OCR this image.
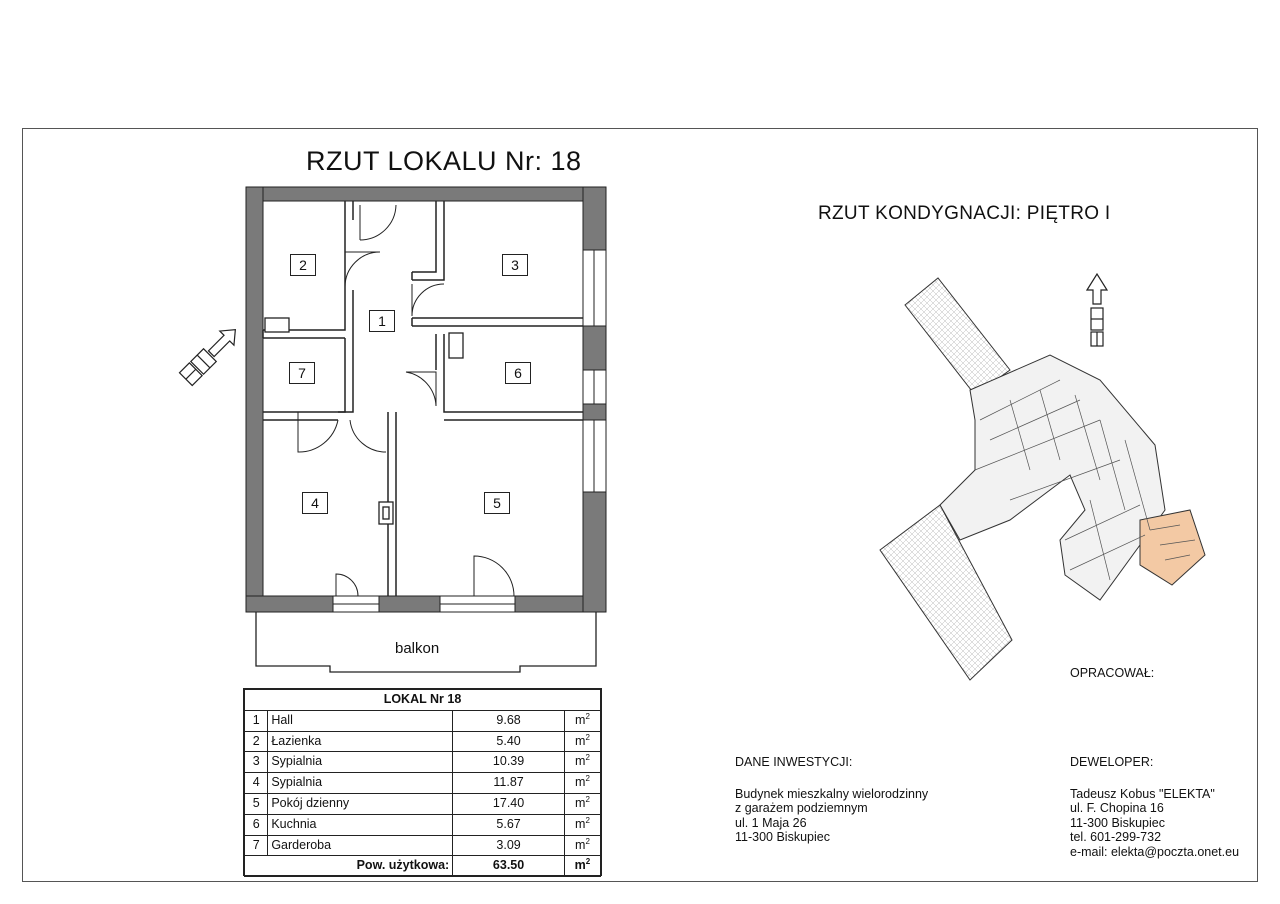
RZUT LOKALU Nr: 18
RZUT KONDYGNACJI: PIĘTRO I
2	3
1
7	6
4	5
balkon
LOKAL Nr 18			
1	Hall	9.68	$m^2$
2	Łazienka	5.40	$m^2$
3	Sypialnia	10.39	$m^2$
4	Sypialnia	11.87	$m^2$
5	Pokój dzienny	17.40	$m^2$
6	Kuchnia	5.67	$m^2$
7	Garderoba	3.09	$m^2$
Pow. użytkowa:		63.50	$m^2$
DANE INWESTYCJI:
Budynek mieszkalny wielorodzinny
z garażem podziemnym
ul. 1 Maja 26
11-300 Biskupiec
DEWELOPER:
Tadeusz Kobus "ELEKTA"
ul. F. Chopina 16
11-300 Biskupiec
tel. 601-299-732
e-mail: elekta@poczta.onet.eu
OPRACOWAŁ:
